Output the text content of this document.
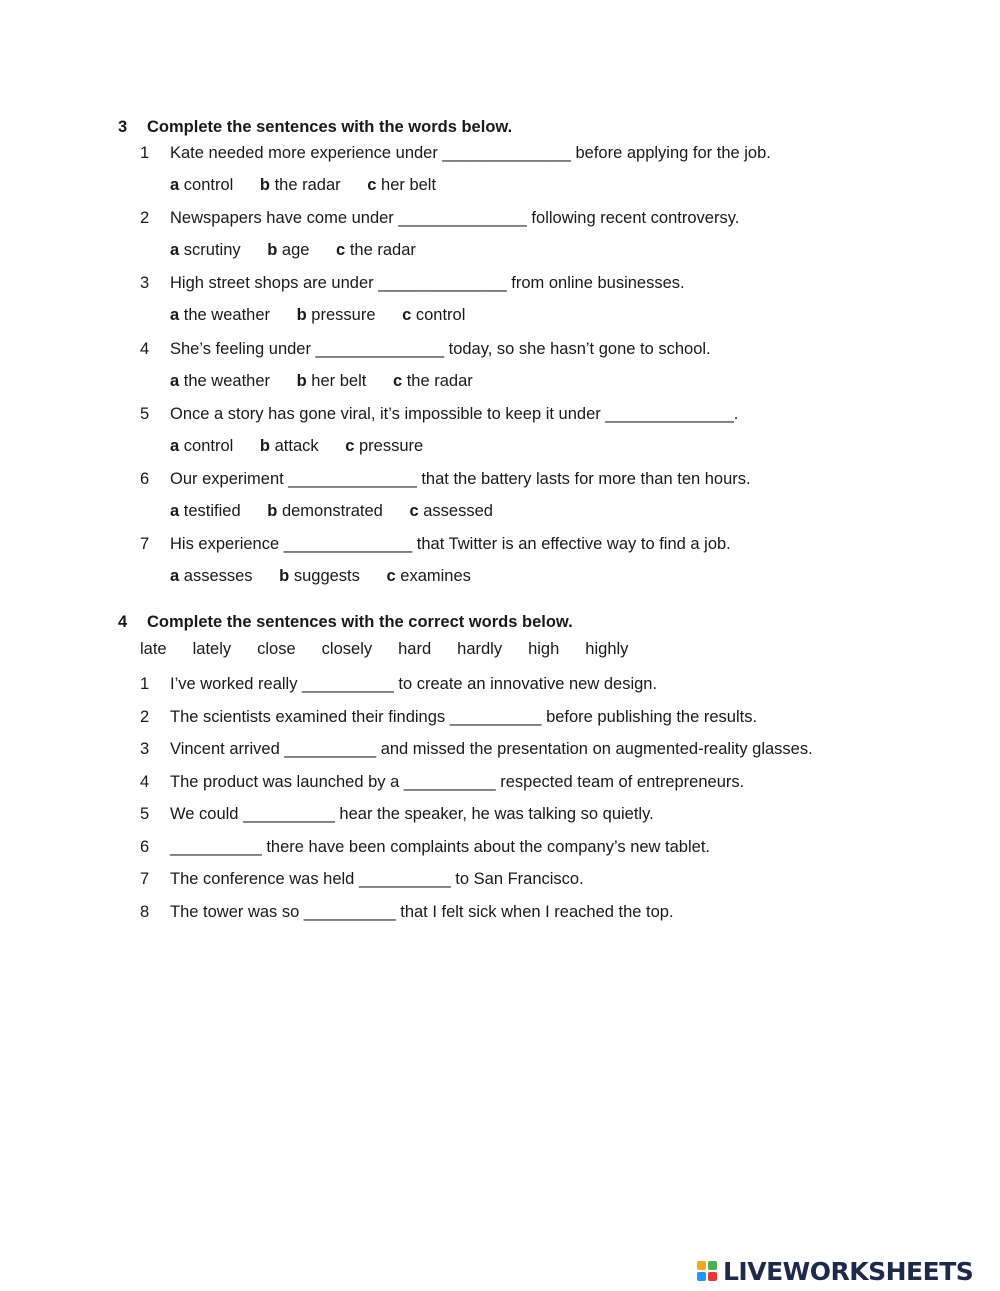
3 Complete the sentences with the words below.
1 Kate needed more experience under ______________ before applying for the job.
a control b the radar c her belt
2 Newspapers have come under ______________ following recent controversy.
a scrutiny b age c the radar
3 High street shops are under ______________ from online businesses.
a the weather b pressure c control
4 She’s feeling under ______________ today, so she hasn’t gone to school.
a the weather b her belt c the radar
5 Once a story has gone viral, it’s impossible to keep it under ______________.
a control b attack c pressure
6 Our experiment ______________ that the battery lasts for more than ten hours.
a testified b demonstrated c assessed
7 His experience ______________ that Twitter is an effective way to find a job.
a assesses b suggests c examines
4 Complete the sentences with the correct words below.
late lately close closely hard hardly high highly
1 I’ve worked really __________ to create an innovative new design.
2 The scientists examined their findings __________ before publishing the results.
3 Vincent arrived __________ and missed the presentation on augmented-reality glasses.
4 The product was launched by a __________ respected team of entrepreneurs.
5 We could __________ hear the speaker, he was talking so quietly.
6 __________ there have been complaints about the company’s new tablet.
7 The conference was held __________ to San Francisco.
8 The tower was so __________ that I felt sick when I reached the top.
LIVEWORKSHEETS
